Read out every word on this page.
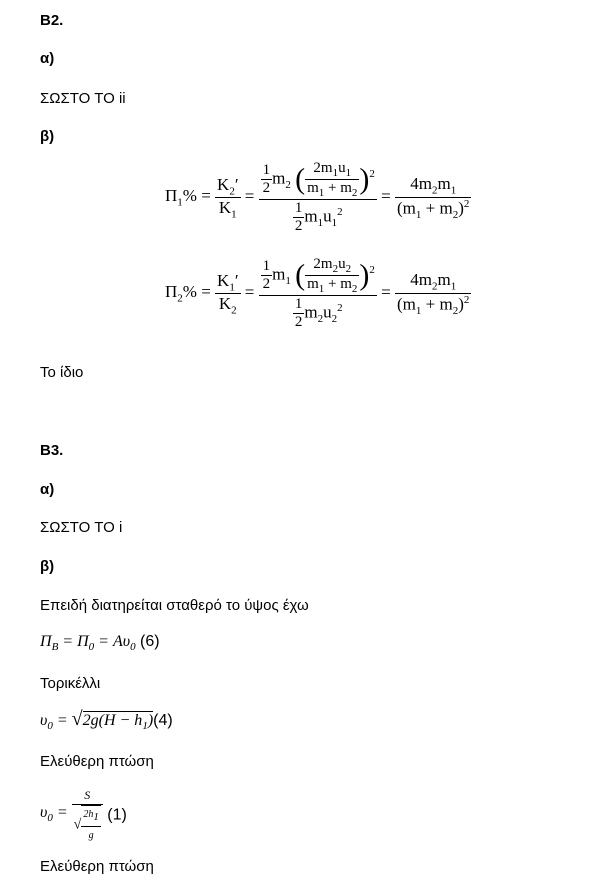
B2.
α)
ΣΩΣΤΟ ΤΟ ii
β)
$\Pi_1\% = \frac{K_2'}{K_1} = \frac{\frac{1}{2} m_2 ( \frac{2m_1u_1}{m_1 + m_2} )^2}{\frac{1}{2} m_1u_1^2} = \frac{4m_2m_1}{(m_1 + m_2)^2}$
$\Pi_2\% = \frac{K_1'}{K_2} = \frac{\frac{1}{2} m_1 ( \frac{2m_2u_2}{m_1 + m_2} )^2}{\frac{1}{2} m_2u_2^2} = \frac{4m_2m_1}{(m_1 + m_2)^2}$
Το ίδιο
B3.
α)
ΣΩΣΤΟ ΤΟ i
β)
Επειδή διατηρείται σταθερό το ύψος έχω
$\Pi_B = \Pi_0 = A\upsilon_0$ (6)
Τορικέλλι
$\upsilon_0 = √2g(H - h_1)(4)$
Ελεύθερη πτώση
$\upsilon_0 = \frac{S}{√ \frac{2h_1}{g}} (1)$
Ελεύθερη πτώση
